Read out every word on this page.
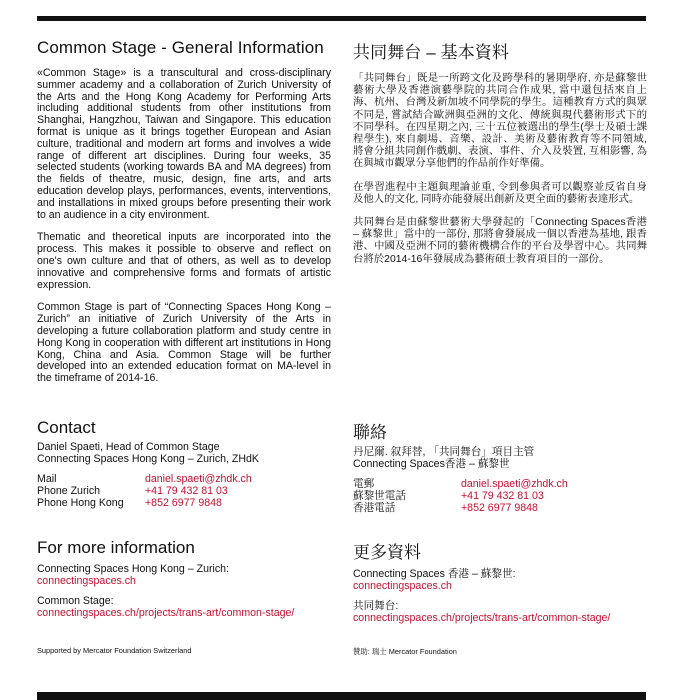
Common Stage - General Information

«Common Stage» is a transcultural and cross-disciplinary summer academy and a collaboration of Zurich University of the Arts and the Hong Kong Academy for Performing Arts including additional students from other institutions from Shanghai, Hangzhou, Taiwan and Singapore. This education format is unique as it brings together European and Asian culture, traditional and modern art forms and involves a wide range of different art disciplines. During four weeks, 35 selected students (working towards BA and MA degrees) from the fields of theatre, music, design, fine arts, and arts education develop plays, performances, events, interventions, and installations in mixed groups before presenting their work to an audience in a city environment.

Thematic and theoretical inputs are incorporated into the process. This makes it possible to observe and reflect on one's own culture and that of others, as well as to develop innovative and comprehensive forms and formats of artistic expression.

Common Stage is part of “Connecting Spaces Hong Kong – Zurich” an initiative of Zurich University of the Arts in developing a future collaboration platform and study centre in Hong Kong in cooperation with different art institutions in Hong Kong, China and Asia. Common Stage will be further developed into an extended education format on MA-level in the timeframe of 2014-16.

共同舞台 – 基本資料

「共同舞台」既是一所跨文化及跨學科的暑期學府, 亦是蘇黎世藝術大學及香港演藝學院的共同合作成果, 當中還包括來自上海、杭州、台灣及新加坡不同學院的學生。這種教育方式的與眾不同是, 嘗試結合歐洲與亞洲的文化、傳統與現代藝術形式下的不同學科。在四星期之內, 三十五位被選出的學生(學士及碩士課程學生), 來自劇場、音樂、設計、美術及藝術教育等不同領域, 將會分組共同創作戲劇、表演、事件、介入及裝置, 互相影響, 為在與城市觀眾分享他們的作品前作好準備。

在學習進程中主題與理論並重, 令到參與者可以觀察並反省自身及他人的文化, 同時亦能發展出創新及更全面的藝術表達形式。

共同舞台是由蘇黎世藝術大學發起的「Connecting Spaces香港 – 蘇黎世」當中的一部份, 那將會發展成一個以香港為基地, 跟香港、中國及亞洲不同的藝術機構合作的平台及學習中心。共同舞台將於2014-16年發展成為藝術碩士教育項目的一部份。

Contact

Daniel Spaeti, Head of Common Stage

Connecting Spaces Hong Kong – Zurich, ZHdK

Mail	daniel.spaeti@zhdk.ch
Phone Zurich	+41 79 432 81 03
Phone Hong Kong	+852 6977 9848
聯絡

丹尼爾. 叙拜替, 「共同舞台」項目主管

Connecting Spaces香港 – 蘇黎世

電郵	daniel.spaeti@zhdk.ch
蘇黎世電話	+41 79 432 81 03
香港電話	+852 6977 9848
For more information

Connecting Spaces Hong Kong – Zurich:

connectingspaces.ch

Common Stage:

connectingspaces.ch/projects/trans-art/common-stage/
更多資料

Connecting Spaces 香港 – 蘇黎世:

connectingspaces.ch

共同舞台:

connectingspaces.ch/projects/trans-art/common-stage/
Supported by Mercator Foundation Switzerland	贊助: 瑞士 Mercator Foundation
